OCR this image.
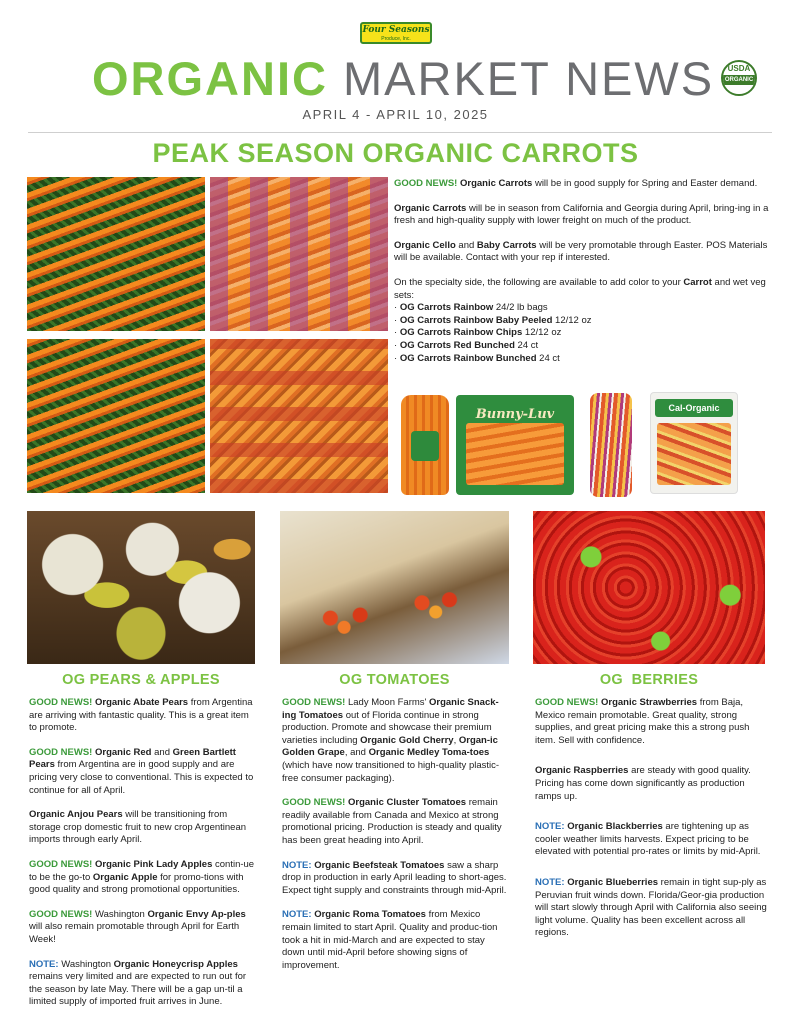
Four Seasons
Produce, Inc.
ORGANIC MARKET NEWS	USDA
ORGANIC
APRIL 4 - APRIL 10, 2025
PEAK SEASON ORGANIC CARROTS

GOOD NEWS! Organic Carrots will be in good supply for Spring and Easter demand.

Organic Carrots will be in season from California and Georgia during April, bring-ing in a fresh and high-quality supply with lower freight on much of the product.

Organic Cello and Baby Carrots will be very promotable through Easter. POS Materials will be available. Contact with your rep if interested.

On the specialty side, the following are available to add color to your Carrot and wet veg sets:

· OG Carrots Rainbow 24/2 lb bags
· OG Carrots Rainbow Baby Peeled 12/12 oz
· OG Carrots Rainbow Chips 12/12 oz
· OG Carrots Red Bunched 24 ct
· OG Carrots Rainbow Bunched 24 ct
Bunny-Luv	Cal-Organic
OG PEARS & APPLES	OG TOMATOES	OG  BERRIES

GOOD NEWS! Organic Abate Pears from Argentina are arriving with fantastic quality. This is a great item to promote.

GOOD NEWS! Organic Red and Green Bartlett Pears from Argentina are in good supply and are pricing very close to conventional. This is expected to continue for all of April.

Organic Anjou Pears will be transitioning from storage crop domestic fruit to new crop Argentinean imports through early April.

GOOD NEWS! Organic Pink Lady Apples contin-ue to be the go-to Organic Apple for promo-tions with good quality and strong promotional opportunities.

GOOD NEWS! Washington Organic Envy Ap-ples will also remain promotable through April for Earth Week!

NOTE: Washington Organic Honeycrisp Apples remains very limited and are expected to run out for the season by late May. There will be a gap un-til a limited supply of imported fruit arrives in June.

GOOD NEWS! Lady Moon Farms' Organic Snack-ing Tomatoes out of Florida continue in strong production. Promote and showcase their premium varieties including Organic Gold Cherry, Organ-ic Golden Grape, and Organic Medley Toma-toes (which have now transitioned to high-quality plastic-free consumer packaging).

GOOD NEWS! Organic Cluster Tomatoes remain readily available from Canada and Mexico at strong promotional pricing. Production is steady and quality has been great heading into April.

NOTE: Organic Beefsteak Tomatoes saw a sharp drop in production in early April leading to short-ages. Expect tight supply and constraints through mid-April.

NOTE: Organic Roma Tomatoes from Mexico remain limited to start April. Quality and produc-tion took a hit in mid-March and are expected to stay down until mid-April before showing signs of improvement.

GOOD NEWS! Organic Strawberries from Baja, Mexico remain promotable. Great quality, strong supplies, and great pricing make this a strong push item. Sell with confidence.

Organic Raspberries are steady with good quality. Pricing has come down significantly as production ramps up.

NOTE: Organic Blackberries are tightening up as cooler weather limits harvests. Expect pricing to be elevated with potential pro-rates or limits by mid-April.

NOTE: Organic Blueberries remain in tight sup-ply as Peruvian fruit winds down. Florida/Geor-gia production will start slowly through April with California also seeing light volume. Quality has been excellent across all regions.
